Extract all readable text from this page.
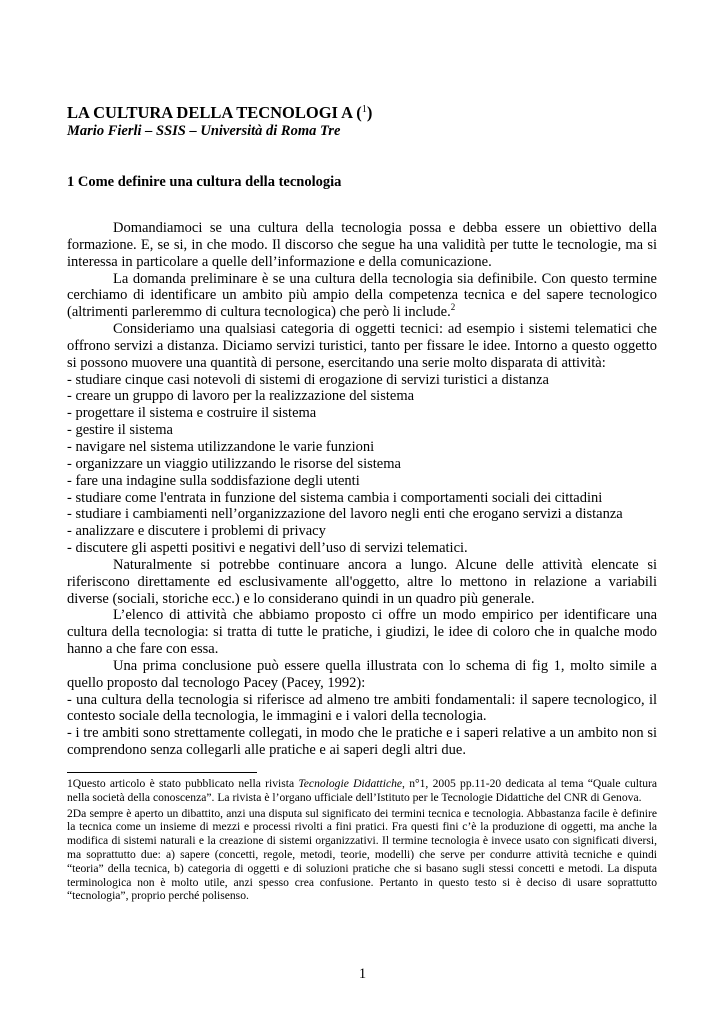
LA CULTURA DELLA TECNOLOGI A ($^1$)
Mario Fierli – SSIS – Università di Roma Tre
1 Come definire una cultura della tecnologia

Domandiamoci se una cultura della tecnologia possa e debba essere un obiettivo della formazione. E, se si, in che modo. Il discorso che segue ha una validità per tutte le tecnologie, ma si interessa in particolare a quelle dell’informazione e della comunicazione.

La domanda preliminare è se una cultura della tecnologia sia definibile. Con questo termine cerchiamo di identificare un ambito più ampio della competenza tecnica e del sapere tecnologico (altrimenti parleremmo di cultura tecnologica) che però li include.$^2$

Consideriamo una qualsiasi categoria di oggetti tecnici: ad esempio i sistemi telematici che offrono servizi a distanza. Diciamo servizi turistici, tanto per fissare le idee. Intorno a questo oggetto si possono muovere una quantità di persone, esercitando una serie molto disparata di attività:

- studiare cinque casi notevoli di sistemi di erogazione di servizi turistici a distanza
- creare un gruppo di lavoro per la realizzazione del sistema
- progettare il sistema e costruire il sistema
- gestire il sistema
- navigare nel sistema utilizzandone le varie funzioni
- organizzare un viaggio utilizzando le risorse del sistema
- fare una indagine sulla soddisfazione degli utenti
- studiare come l'entrata in funzione del sistema cambia i comportamenti sociali dei cittadini
- studiare i cambiamenti nell’organizzazione del lavoro negli enti che erogano servizi a distanza
- analizzare e discutere i problemi di privacy
- discutere gli aspetti positivi e negativi dell’uso di servizi telematici.

Naturalmente si potrebbe continuare ancora a lungo. Alcune delle attività elencate si riferiscono direttamente ed esclusivamente all'oggetto, altre lo mettono in relazione a variabili diverse (sociali, storiche ecc.) e lo considerano quindi in un quadro più generale.

L’elenco di attività che abbiamo proposto ci offre un modo empirico per identificare una cultura della tecnologia: si tratta di tutte le pratiche, i giudizi, le idee di coloro che in qualche modo hanno a che fare con essa.

Una prima conclusione può essere quella illustrata con lo schema di fig 1, molto simile a quello proposto dal tecnologo Pacey (Pacey, 1992):

- una cultura della tecnologia si riferisce ad almeno tre ambiti fondamentali: il sapere tecnologico, il contesto sociale della tecnologia, le immagini e i valori della tecnologia.

- i tre ambiti sono strettamente collegati, in modo che le pratiche e i saperi relative a un ambito non si comprendono senza collegarli alle pratiche e ai saperi degli altri due.

1Questo articolo è stato pubblicato nella rivista Tecnologie Didattiche, n°1, 2005 pp.11-20 dedicata al tema “Quale cultura nella società della conoscenza”. La rivista è l’organo ufficiale dell’Istituto per le Tecnologie Didattiche del CNR di Genova.
2Da sempre è aperto un dibattito, anzi una disputa sul significato dei termini tecnica e tecnologia. Abbastanza facile è definire la tecnica come un insieme di mezzi e processi rivolti a fini pratici. Fra questi fini c’è la produzione di oggetti, ma anche la modifica di sistemi naturali e la creazione di sistemi organizzativi. Il termine tecnologia è invece usato con significati diversi, ma soprattutto due: a) sapere (concetti, regole, metodi, teorie, modelli) che serve per condurre attività tecniche e quindi “teoria” della tecnica, b) categoria di oggetti e di soluzioni pratiche che si basano sugli stessi concetti e metodi. La disputa terminologica non è molto utile, anzi spesso crea confusione. Pertanto in questo testo si è deciso di usare soprattutto “tecnologia”, proprio perché polisenso.
1
